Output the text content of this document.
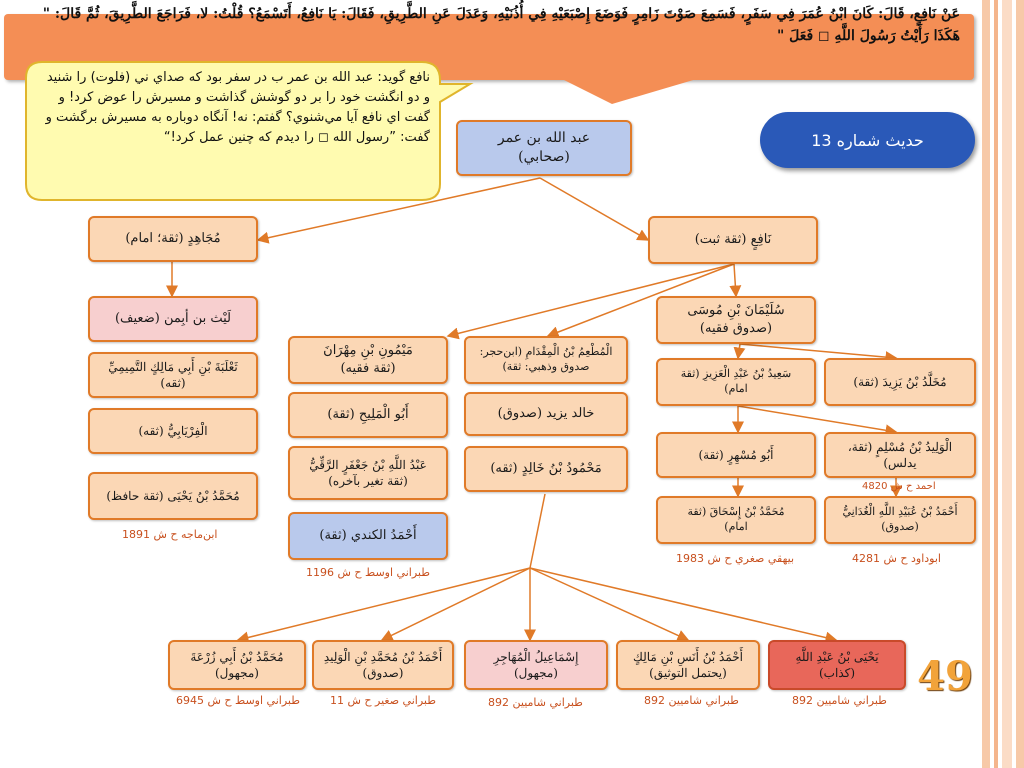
عَنْ نَافِعٍ، قَالَ: كَانَ ابْنُ عُمَرَ فِي سَفَرٍ، فَسَمِعَ صَوْتَ زَامِرٍ فَوَضَعَ إِصْبَعَيْهِ فِي أُذُنَيْهِ، وَعَدَلَ عَنِ الطَّرِيقِ، فَقَالَ: يَا نَافِعُ، أَتَسْمَعُ؟ قُلْتُ: لا، فَرَاجَعَ الطَّرِيقَ، ثُمَّ قَالَ: " هَكَذَا رَأَيْتُ رَسُولَ اللَّهِ ◻ فَعَلَ "
نافع گويد: عبد الله بن عمر ب در سفر بود كه صداي ني (فلوت) را شنيد و دو انگشت خود را بر دو گوشش گذاشت و مسيرش را عوض كرد! و گفت اي نافع آيا مي‌شنوي؟ گفتم: نه! آنگاه دوباره به مسيرش برگشت و گفت: ”رسول الله ◻ را ديدم كه چنين عمل كرد!“	حديث شماره 13
عبد الله بن عمر
(صحابي)
مُجَاهِدٍ (ثقة؛ امام)	نَافِعٍ (ثقة ثبت)
لَيْث بن أبِمن (ضعيف)
ثَعْلَبَةَ بْنِ أَبِي مَالِكٍ التَّمِيمِيِّ
(ثقه)
الْفِرْيَابِيُّ (ثقه)
مُحَمَّدُ بْنُ يَحْيَى (ثقة حافظ)
مَيْمُونِ بْنِ مِهْرَانَ
(ثقة فقيه)
أَبُو الْمَلِيحِ (ثقة)
عَبْدُ اللَّهِ بْنُ جَعْفَرٍ الرَّقِّيُّ
(ثقة تغير بآخره)
أَحْمَدُ الكندي (ثقة)
الْمُطْعِمُ بْنُ الْمِقْدَامِ (ابن‌حجر:
صدوق وذهبي: ثقة)
خالد يزيد (صدوق)
مَحْمُودُ بْنُ خَالِدٍ (ثقه)
سُلَيْمَانَ بْنِ مُوسَى
(صدوق فقيه)
سَعِيدُ بْنُ عَبْدِ الْعَزِيزِ (ثقة
امام)	مُخَلَّدُ بْنُ يَزِيدَ (ثقة)
أَبُو مُسْهِرٍ (ثقة)
الْوَلِيدُ بْنُ مُسْلِمٍ (ثقة،
يدلس)
مُحَمَّدُ بْنُ إِسْحَاقَ (ثقة
امام)
أَحْمَدُ بْنُ عُبَيْدِ اللَّهِ الْغُدَانِيُّ
(صدوق)
مُحَمَّدُ بْنُ أَبِي زُرْعَةَ
(مجهول)
أَحْمَدُ بْنُ مُحَمَّدِ بْنِ الْوَلِيدِ
(صدوق)
إِسْمَاعِيلُ الْمُهَاجِرِ
(مجهول)
أَحْمَدُ بْنُ أَنَسِ بْنِ مَالِكٍ
(يحتمل التوثيق)
يَحْيَى بْنُ عَبْدِ اللَّهِ
(كذاب)
ابن‌ماجه ح ش 1891
طبراني اوسط ح ش 1196
بيهقي صغري ح ش 1983	ابوداود ح ش 4281
احمد ح ش 4820
طبراني اوسط ح ش 6945	طبراني صغير ح ش 11	طبراني شاميين 892	طبراني شاميين 892	طبراني شاميين 892
49
